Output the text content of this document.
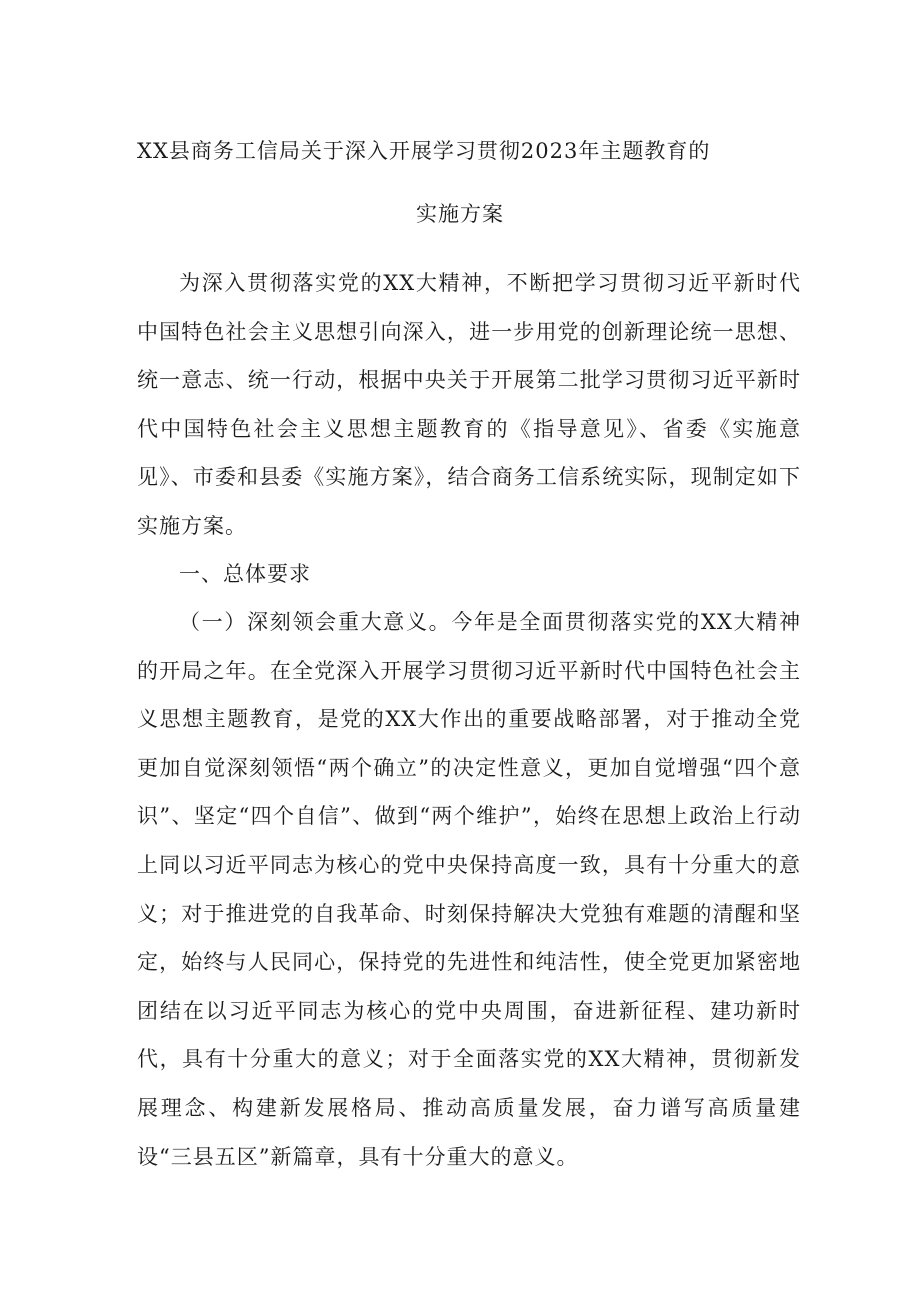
XX县商务工信局关于深入开展学习贯彻2023年主题教育的
实施方案
为深入贯彻落实党的XX大精神，不断把学习贯彻习近平新时代中国特色社会主义思想引向深入，进一步用党的创新理论统一思想、统一意志、统一行动，根据中央关于开展第二批学习贯彻习近平新时代中国特色社会主义思想主题教育的《指导意见》、省委《实施意见》、市委和县委《实施方案》，结合商务工信系统实际，现制定如下实施方案。
一、总体要求
（一）深刻领会重大意义。今年是全面贯彻落实党的XX大精神的开局之年。在全党深入开展学习贯彻习近平新时代中国特色社会主义思想主题教育，是党的XX大作出的重要战略部署，对于推动全党更加自觉深刻领悟“两个确立”的决定性意义，更加自觉增强“四个意识”、坚定“四个自信”、做到“两个维护”，始终在思想上政治上行动上同以习近平同志为核心的党中央保持高度一致，具有十分重大的意义；对于推进党的自我革命、时刻保持解决大党独有难题的清醒和坚定，始终与人民同心，保持党的先进性和纯洁性，使全党更加紧密地团结在以习近平同志为核心的党中央周围，奋进新征程、建功新时代，具有十分重大的意义；对于全面落实党的XX大精神，贯彻新发展理念、构建新发展格局、推动高质量发展，奋力谱写高质量建设“三县五区”新篇章，具有十分重大的意义。
